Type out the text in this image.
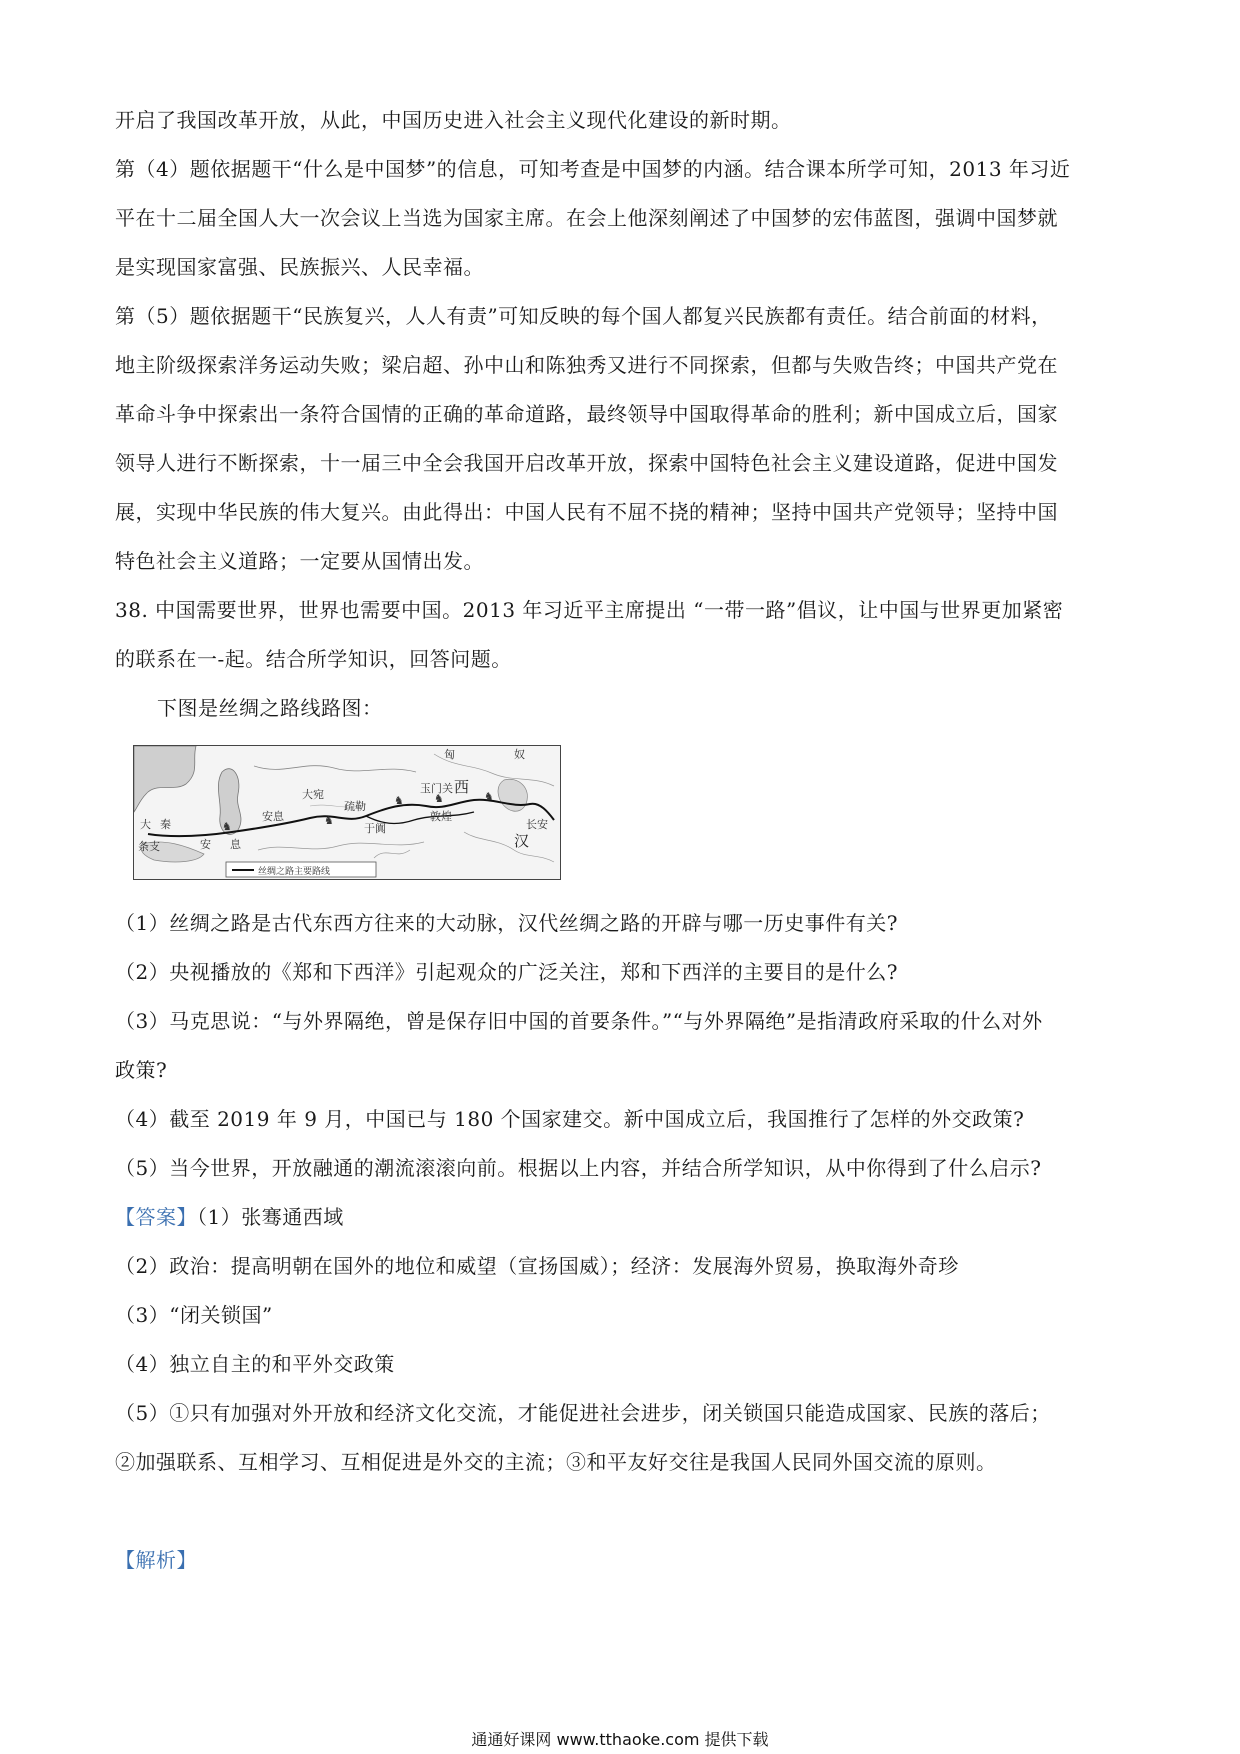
开启了我国改革开放，从此，中国历史进入社会主义现代化建设的新时期。
第（4）题依据题干“什么是中国梦”的信息，可知考查是中国梦的内涵。结合课本所学可知，2013 年习近
平在十二届全国人大一次会议上当选为国家主席。在会上他深刻阐述了中国梦的宏伟蓝图，强调中国梦就
是实现国家富强、民族振兴、人民幸福。
第（5）题依据题干“民族复兴，人人有责”可知反映的每个国人都复兴民族都有责任。结合前面的材料，
地主阶级探索洋务运动失败；梁启超、孙中山和陈独秀又进行不同探索，但都与失败告终；中国共产党在
革命斗争中探索出一条符合国情的正确的革命道路，最终领导中国取得革命的胜利；新中国成立后，国家
领导人进行不断探索，十一届三中全会我国开启改革开放，探索中国特色社会主义建设道路，促进中国发
展，实现中华民族的伟大复兴。由此得出：中国人民有不屈不挠的精神；坚持中国共产党领导；坚持中国
特色社会主义道路；一定要从国情出发。
38. 中国需要世界，世界也需要中国。2013 年习近平主席提出 “一带一路”倡议，让中国与世界更加紧密
的联系在一-起。结合所学知识，回答问题。
下图是丝绸之路线路图：
♞
♞	♞	♞
♞
匈	奴
西
汉
安 息
大 秦
敦煌
玉门关
长安
大宛
疏勒
于阗
安息
条支
丝绸之路主要路线
（1）丝绸之路是古代东西方往来的大动脉，汉代丝绸之路的开辟与哪一历史事件有关?
（2）央视播放的《郑和下西洋》引起观众的广泛关注，郑和下西洋的主要目的是什么?
（3）马克思说：“与外界隔绝，曾是保存旧中国的首要条件。”“与外界隔绝”是指清政府采取的什么对外
政策?
（4）截至 2019 年 9 月，中国已与 180 个国家建交。新中国成立后，我国推行了怎样的外交政策?
（5）当今世界，开放融通的潮流滚滚向前。根据以上内容，并结合所学知识，从中你得到了什么启示?
【答案】（1）张骞通西域
（2）政治：提高明朝在国外的地位和威望（宣扬国威）；经济：发展海外贸易，换取海外奇珍
（3）“闭关锁国”
（4）独立自主的和平外交政策
（5）①只有加强对外开放和经济文化交流，才能促进社会进步，闭关锁国只能造成国家、民族的落后；
②加强联系、互相学习、互相促进是外交的主流；③和平友好交往是我国人民同外国交流的原则。
【解析】
通通好课网 www.tthaoke.com 提供下载
